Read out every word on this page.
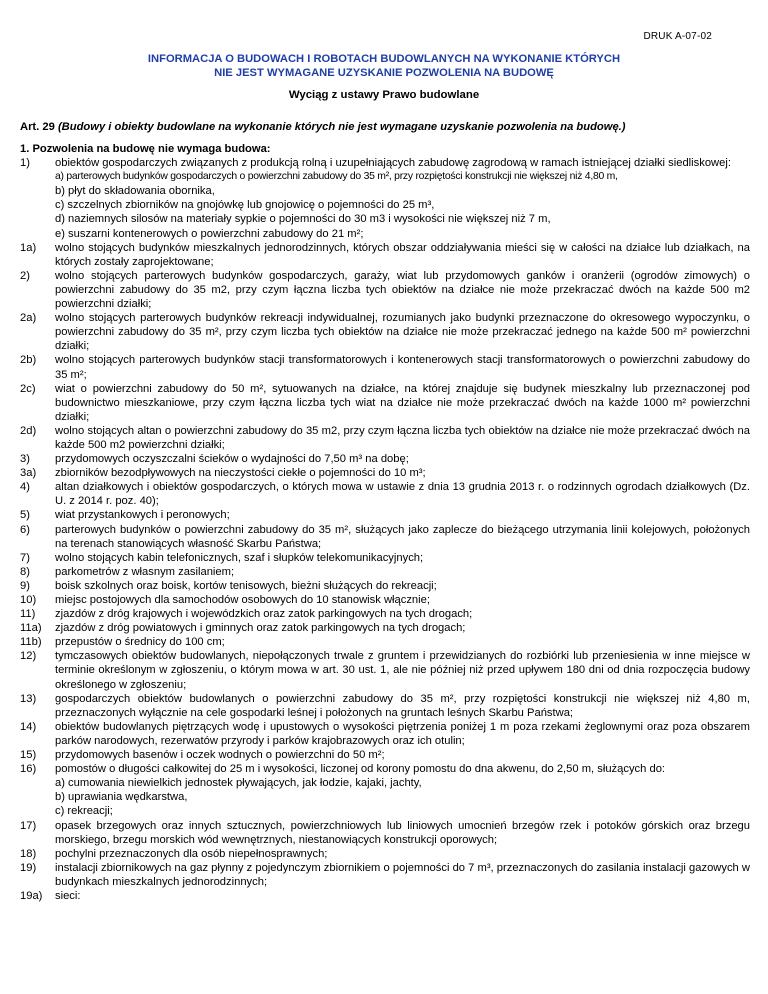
DRUK A-07-02
INFORMACJA O BUDOWACH I ROBOTACH BUDOWLANYCH NA WYKONANIE KTÓRYCH
NIE JEST WYMAGANE UZYSKANIE POZWOLENIA NA BUDOWĘ
Wyciąg z ustawy Prawo budowlane
Art. 29 (Budowy i obiekty budowlane na wykonanie których nie jest wymagane uzyskanie pozwolenia na budowę.)
1. Pozwolenia na budowę nie wymaga budowa:
1)	obiektów gospodarczych związanych z produkcją rolną i uzupełniających zabudowę zagrodową w ramach istniejącej działki siedliskowej:
a) parterowych budynków gospodarczych o powierzchni zabudowy do 35 m², przy rozpiętości konstrukcji nie większej niż 4,80 m,
b) płyt do składowania obornika,
c) szczelnych zbiorników na gnojówkę lub gnojowicę o pojemności do 25 m³,
d) naziemnych silosów na materiały sypkie o pojemności do 30 m3 i wysokości nie większej niż 7 m,
e) suszarni kontenerowych o powierzchni zabudowy do 21 m²;
1a)	wolno stojących budynków mieszkalnych jednorodzinnych, których obszar oddziaływania mieści się w całości na działce lub działkach, na których zostały zaprojektowane;
2)	wolno stojących parterowych budynków gospodarczych, garaży, wiat lub przydomowych ganków i oranżerii (ogrodów zimowych) o powierzchni zabudowy do 35 m2, przy czym łączna liczba tych obiektów na działce nie może przekraczać dwóch na każde 500 m2 powierzchni działki;
2a)	wolno stojących parterowych budynków rekreacji indywidualnej, rozumianych jako budynki przeznaczone do okresowego wypoczynku, o powierzchni zabudowy do 35 m², przy czym liczba tych obiektów na działce nie może przekraczać jednego na każde 500 m² powierzchni działki;
2b)	wolno stojących parterowych budynków stacji transformatorowych i kontenerowych stacji transformatorowych o powierzchni zabudowy do 35 m²;
2c)	wiat o powierzchni zabudowy do 50 m², sytuowanych na działce, na której znajduje się budynek mieszkalny lub przeznaczonej pod budownictwo mieszkaniowe, przy czym łączna liczba tych wiat na działce nie może przekraczać dwóch na każde 1000 m² powierzchni działki;
2d)	wolno stojących altan o powierzchni zabudowy do 35 m2, przy czym łączna liczba tych obiektów na działce nie może przekraczać dwóch na każde 500 m2 powierzchni działki;
3)	przydomowych oczyszczalni ścieków o wydajności do 7,50 m³ na dobę;
3a)	zbiorników bezodpływowych na nieczystości ciekłe o pojemności do 10 m³;
4)	altan działkowych i obiektów gospodarczych, o których mowa w ustawie z dnia 13 grudnia 2013 r. o rodzinnych ogrodach działkowych (Dz. U. z 2014 r. poz. 40);
5)	wiat przystankowych i peronowych;
6)	parterowych budynków o powierzchni zabudowy do 35 m², służących jako zaplecze do bieżącego utrzymania linii kolejowych, położonych na terenach stanowiących własność Skarbu Państwa;
7)	wolno stojących kabin telefonicznych, szaf i słupków telekomunikacyjnych;
8)	parkometrów z własnym zasilaniem;
9)	boisk szkolnych oraz boisk, kortów tenisowych, bieżni służących do rekreacji;
10)	miejsc postojowych dla samochodów osobowych do 10 stanowisk włącznie;
11)	zjazdów z dróg krajowych i wojewódzkich oraz zatok parkingowych na tych drogach;
11a)	zjazdów z dróg powiatowych i gminnych oraz zatok parkingowych na tych drogach;
11b)	przepustów o średnicy do 100 cm;
12)	tymczasowych obiektów budowlanych, niepołączonych trwale z gruntem i przewidzianych do rozbiórki lub przeniesienia w inne miejsce w terminie określonym w zgłoszeniu, o którym mowa w art. 30 ust. 1, ale nie później niż przed upływem 180 dni od dnia rozpoczęcia budowy określonego w zgłoszeniu;
13)	gospodarczych obiektów budowlanych o powierzchni zabudowy do 35 m², przy rozpiętości konstrukcji nie większej niż 4,80 m, przeznaczonych wyłącznie na cele gospodarki leśnej i położonych na gruntach leśnych Skarbu Państwa;
14)	obiektów budowlanych piętrzących wodę i upustowych o wysokości piętrzenia poniżej 1 m poza rzekami żeglownymi oraz poza obszarem parków narodowych, rezerwatów przyrody i parków krajobrazowych oraz ich otulin;
15)	przydomowych basenów i oczek wodnych o powierzchni do 50 m²;
16)	pomostów o długości całkowitej do 25 m i wysokości, liczonej od korony pomostu do dna akwenu, do 2,50 m, służących do:
a) cumowania niewielkich jednostek pływających, jak łodzie, kajaki, jachty,
b) uprawiania wędkarstwa,
c) rekreacji;
17)	opasek brzegowych oraz innych sztucznych, powierzchniowych lub liniowych umocnień brzegów rzek i potoków górskich oraz brzegu morskiego, brzegu morskich wód wewnętrznych, niestanowiących konstrukcji oporowych;
18)	pochylni przeznaczonych dla osób niepełnosprawnych;
19)	instalacji zbiornikowych na gaz płynny z pojedynczym zbiornikiem o pojemności do 7 m³, przeznaczonych do zasilania instalacji gazowych w budynkach mieszkalnych jednorodzinnych;
19a)	sieci:
